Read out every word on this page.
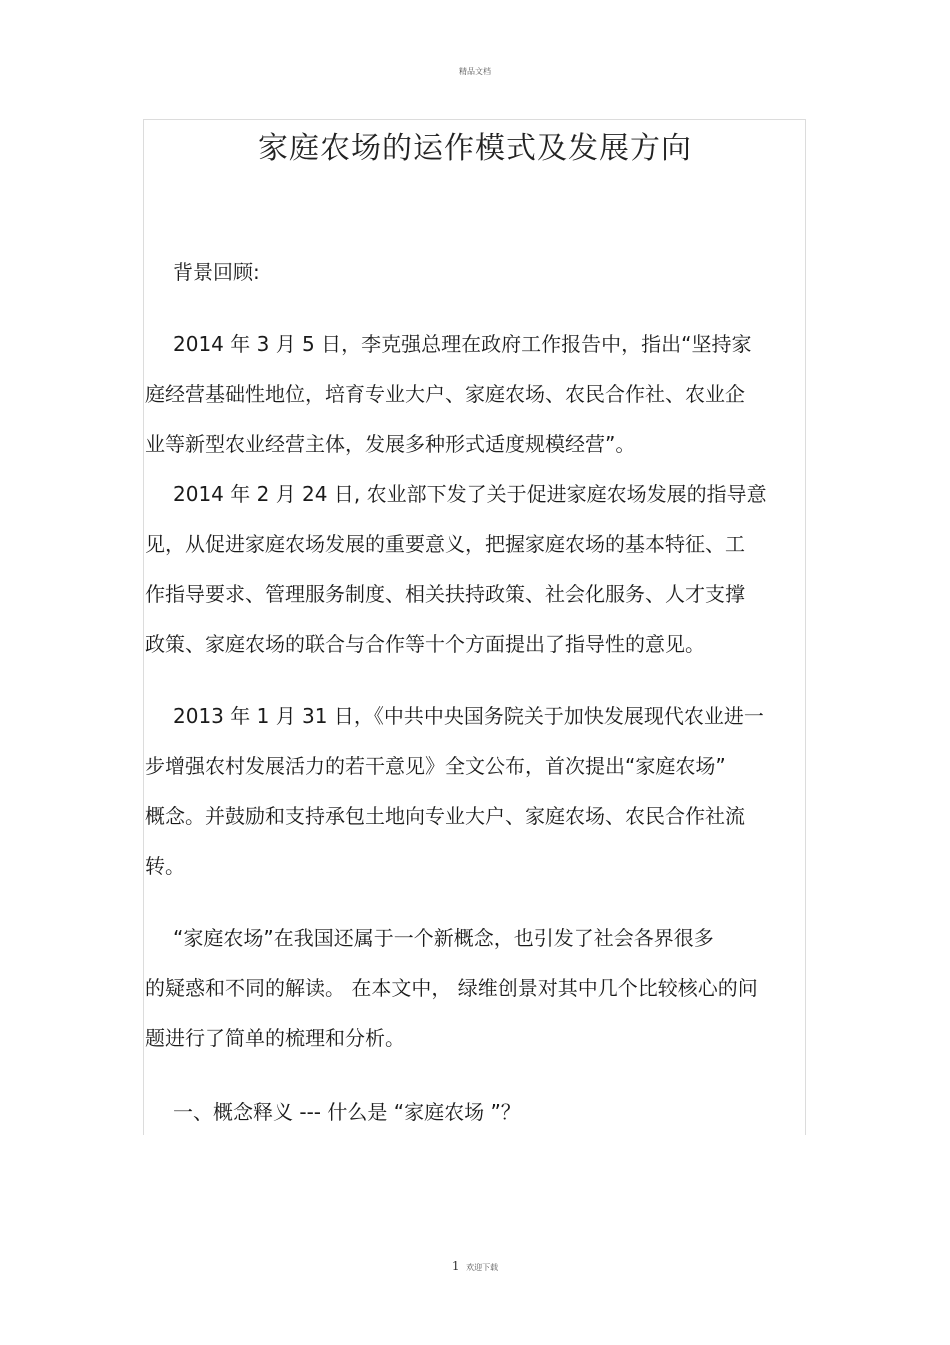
精品文档
家庭农场的运作模式及发展方向
背景回顾:
2014 年 3 月 5 日，李克强总理在政府工作报告中，指出“坚持家
庭经营基础性地位，培育专业大户、家庭农场、农民合作社、农业企
业等新型农业经营主体，发展多种形式适度规模经营”。
2014 年 2 月 24 日, 农业部下发了关于促进家庭农场发展的指导意
见，从促进家庭农场发展的重要意义，把握家庭农场的基本特征、工
作指导要求、管理服务制度、相关扶持政策、社会化服务、人才支撑
政策、家庭农场的联合与合作等十个方面提出了指导性的意见。
2013 年 1 月 31 日，《中共中央国务院关于加快发展现代农业进一
步增强农村发展活力的若干意见》全文公布，首次提出“家庭农场”
概念。并鼓励和支持承包土地向专业大户、家庭农场、农民合作社流
转。
“家庭农场”在我国还属于一个新概念，也引发了社会各界很多
的疑惑和不同的解读。 在本文中， 绿维创景对其中几个比较核心的问
题进行了简单的梳理和分析。
一、概念释义 --- 什么是 “家庭农场 ”？
1 欢迎下载
